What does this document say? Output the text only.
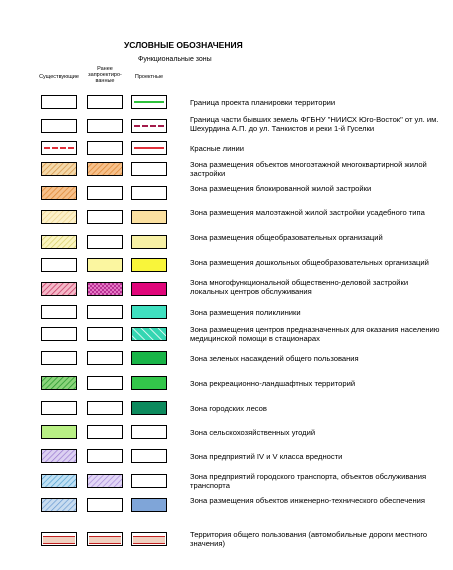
УСЛОВНЫЕ ОБОЗНАЧЕНИЯ
Функциональные зоны
Существующие
Ранее запроектиро-ванные
Проектные
Граница проекта планировки территории
Граница части бывших земель ФГБНУ "НИИСХ Юго-Восток" от ул. им. Шехурдина А.П. до ул. Танкистов и реки 1-й Гуселки
Красные линии
Зона размещения объектов многоэтажной многоквартирной жилой застройки
Зона размещения блокированной жилой застройки
Зона размещения малоэтажной жилой застройки усадебного типа
Зона размещения общеобразовательных организаций
Зона размещения дошкольных общеобразовательных организаций
Зона многофункциональной общественно-деловой застройки локальных центров обслуживания
Зона размещения поликлиники
Зона размещения центров предназначенных для оказания населению медицинской помощи в стационарах
Зона зеленых насаждений общего пользования
Зона рекреационно-ландшафтных территорий
Зона городских лесов
Зона сельскохозяйственных угодий
Зона предприятий IV и V класса вредности
Зона предприятий городского транспорта, объектов обслуживания транспорта
Зона размещения объектов инженерно-технического обеспечения
Территория общего пользования (автомобильные дороги местного значения)
